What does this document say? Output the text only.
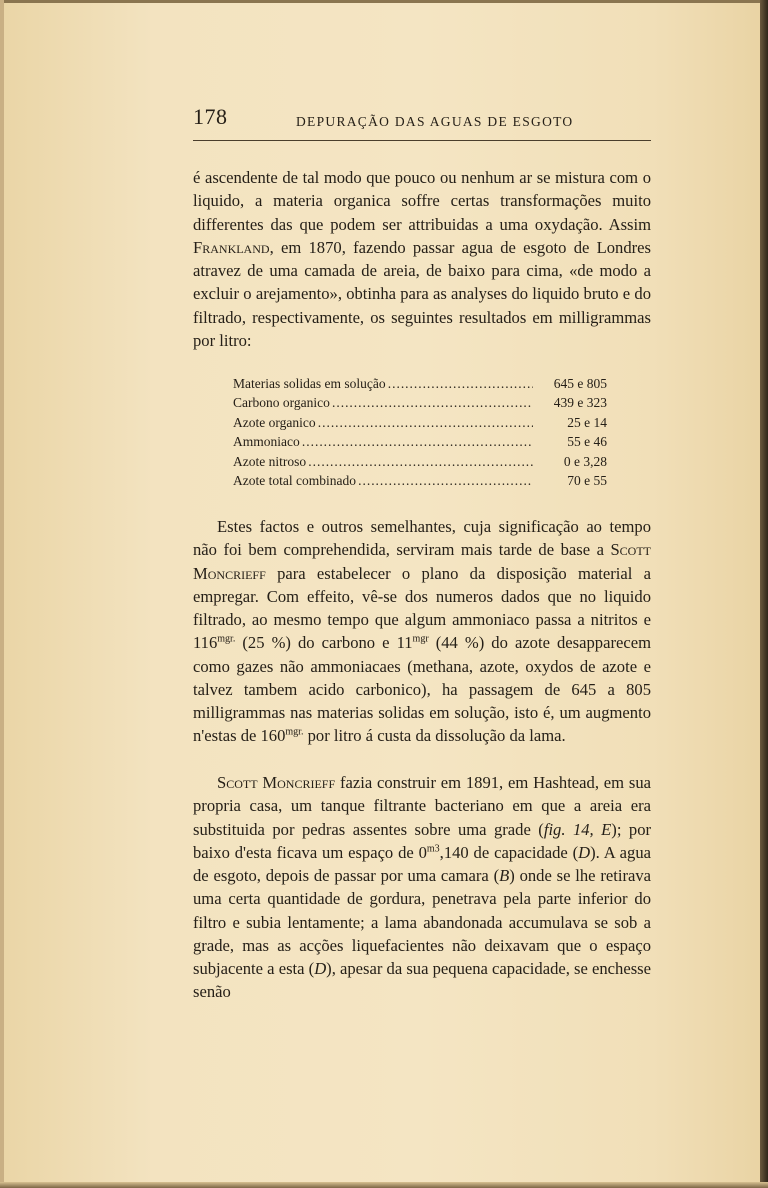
178	DEPURAÇÃO DAS AGUAS DE ESGOTO

é ascendente de tal modo que pouco ou nenhum ar se mistura com o liquido, a materia organica soffre certas transformações muito differentes das que podem ser attribuidas a uma oxydação. Assim Frankland, em 1870, fazendo passar agua de esgoto de Londres atravez de uma camada de areia, de baixo para cima, «de modo a excluir o arejamento», obtinha para as analyses do liquido bruto e do filtrado, respectivamente, os seguintes resultados em milligrammas por litro:

Materias solidas em solução . . .	645 e 805
Carbono organico . . .	439 e 323
Azote organico . . .	25 e 14
Ammoniaco . . .	55 e 46
Azote nitroso . . .	0 e 3,28
Azote total combinado . . .	70 e 55

Estes factos e outros semelhantes, cuja significação ao tempo não foi bem comprehendida, serviram mais tarde de base a Scott Moncrieff para estabelecer o plano da disposição material a empregar. Com effeito, vê-se dos numeros dados que no liquido filtrado, ao mesmo tempo que algum ammoniaco passa a nitritos e $116^{mgr.}$ (25 %) do carbono e $11^{mgr}$ (44 %) do azote desapparecem como gazes não ammoniacaes (methana, azote, oxydos de azote e talvez tambem acido carbonico), ha passagem de 645 a 805 milligrammas nas materias solidas em solução, isto é, um augmento n'estas de $160^{mgr.}$ por litro á custa da dissolução da lama.

Scott Moncrieff fazia construir em 1891, em Hashtead, em sua propria casa, um tanque filtrante bacteriano em que a areia era substituida por pedras assentes sobre uma grade (fig. 14, E); por baixo d'esta ficava um espaço de $0^{m3},140$ de capacidade (D). A agua de esgoto, depois de passar por uma camara (B) onde se lhe retirava uma certa quantidade de gordura, penetrava pela parte inferior do filtro e subia lentamente; a lama abandonada accumulava se sob a grade, mas as acções liquefacientes não deixavam que o espaço subjacente a esta (D), apesar da sua pequena capacidade, se enchesse senão
